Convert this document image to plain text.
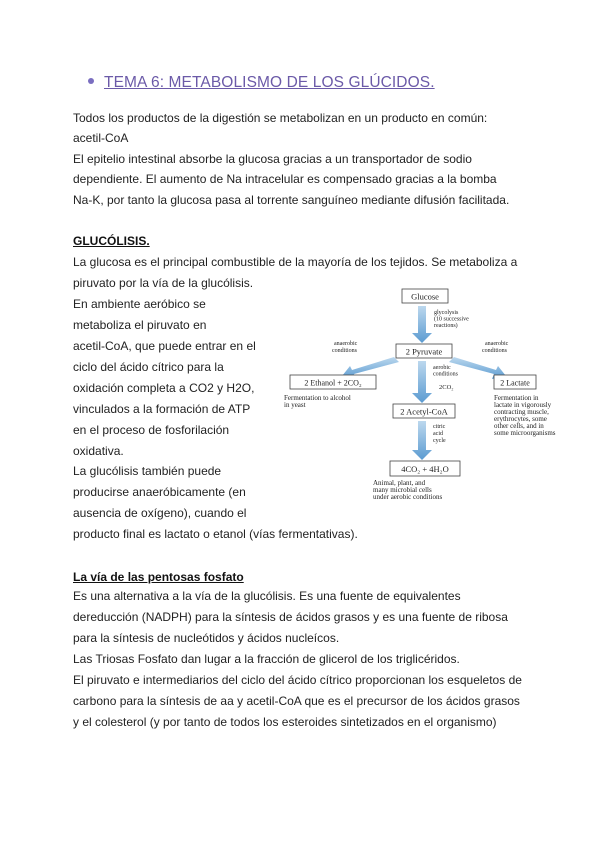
TEMA 6: METABOLISMO DE LOS GLÚCIDOS.
Todos los productos de la digestión se metabolizan en un producto en común:
acetil-CoA
El epitelio intestinal absorbe la glucosa gracias a un transportador de sodio
dependiente. El aumento de Na intracelular es compensado gracias a la bomba
Na-K, por tanto la glucosa pasa al torrente sanguíneo mediante difusión facilitada.
GLUCÓLISIS.
La glucosa es el principal combustible de la mayoría de los tejidos. Se metaboliza a
piruvato por la vía de la glucólisis.
En ambiente aeróbico se
metaboliza el piruvato en
acetil-CoA, que puede entrar en el
ciclo del ácido cítrico para la
oxidación completa a CO2 y H2O,
vinculados a la formación de ATP
en el proceso de fosforilación
oxidativa.
La glucólisis también puede
producirse anaeróbicamente (en
ausencia de oxígeno), cuando el
producto final es lactato o etanol (vías fermentativas).
Glucose
glycolysis
(10 successive
reactions)
2 Pyruvate
anaerobic
conditions
anaerobic
conditions
2 Ethanol + 2CO₂
Fermentation to alcohol
in yeast
2 Lactate
Fermentation in
lactate in vigorously
contracting muscle,
erythrocytes, some
other cells, and in
some microorganisms
aerobic
conditions
2CO₂
2 Acetyl-CoA
citric
acid
cycle
4CO₂ + 4H₂O
Animal, plant, and
many microbial cells
under aerobic conditions
La vía de las pentosas fosfato
Es una alternativa a la vía de la glucólisis. Es una fuente de equivalentes
dereducción (NADPH) para la síntesis de ácidos grasos y es una fuente de ribosa
para la síntesis de nucleótidos y ácidos nucleícos.
Las Triosas Fosfato dan lugar a la fracción de glicerol de los triglicéridos.
El piruvato e intermediarios del ciclo del ácido cítrico proporcionan los esqueletos de
carbono para la síntesis de aa y acetil-CoA que es el precursor de los ácidos grasos
y el colesterol (y por tanto de todos los esteroides sintetizados en el organismo)
